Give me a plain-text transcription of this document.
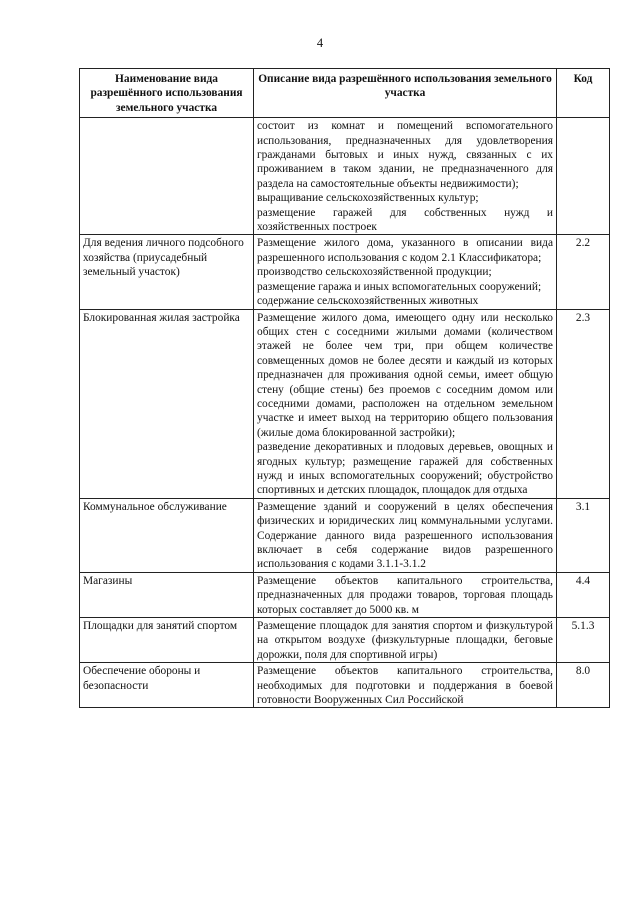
4
Наименование вида разрешённого использования земельного участка	Описание вида разрешённого использования земельного участка	Код

	состоит из комнат и помещений вспомогательного использования, предназначенных для удовлетворения гражданами бытовых и иных нужд, связанных с их проживанием в таком здании, не предназначенного для раздела на самостоятельные объекты недвижимости);
выращивание сельскохозяйственных культур;
размещение гаражей для собственных нужд и хозяйственных построек	

Для ведения личного подсобного хозяйства (приусадебный земельный участок)	Размещение жилого дома, указанного в описании вида разрешенного использования с кодом 2.1 Классификатора;
производство сельскохозяйственной продукции;
размещение гаража и иных вспомогательных сооружений;
содержание сельскохозяйственных животных	2.2
Блокированная жилая застройка	Размещение жилого дома, имеющего одну или несколько общих стен с соседними жилыми домами (количеством этажей не более чем три, при общем количестве совмещенных домов не более десяти и каждый из которых предназначен для проживания одной семьи, имеет общую стену (общие стены) без проемов с соседним домом или соседними домами, расположен на отдельном земельном участке и имеет выход на территорию общего пользования (жилые дома блокированной застройки);
разведение декоративных и плодовых деревьев, овощных и ягодных культур; размещение гаражей для собственных нужд и иных вспомогательных сооружений; обустройство спортивных и детских площадок, площадок для отдыха	2.3
Коммунальное обслуживание	Размещение зданий и сооружений в целях обеспечения физических и юридических лиц коммунальными услугами. Содержание данного вида разрешенного использования включает в себя содержание видов разрешенного использования с кодами 3.1.1-3.1.2	3.1
Магазины	Размещение объектов капитального строительства, предназначенных для продажи товаров, торговая площадь которых составляет до 5000 кв. м	4.4
Площадки для занятий спортом	Размещение площадок для занятия спортом и физкультурой на открытом воздухе (физкультурные площадки, беговые дорожки, поля для спортивной игры)	5.1.3
Обеспечение обороны и безопасности	Размещение объектов капитального строительства, необходимых для подготовки и поддержания в боевой готовности Вооруженных Сил Российской	8.0
